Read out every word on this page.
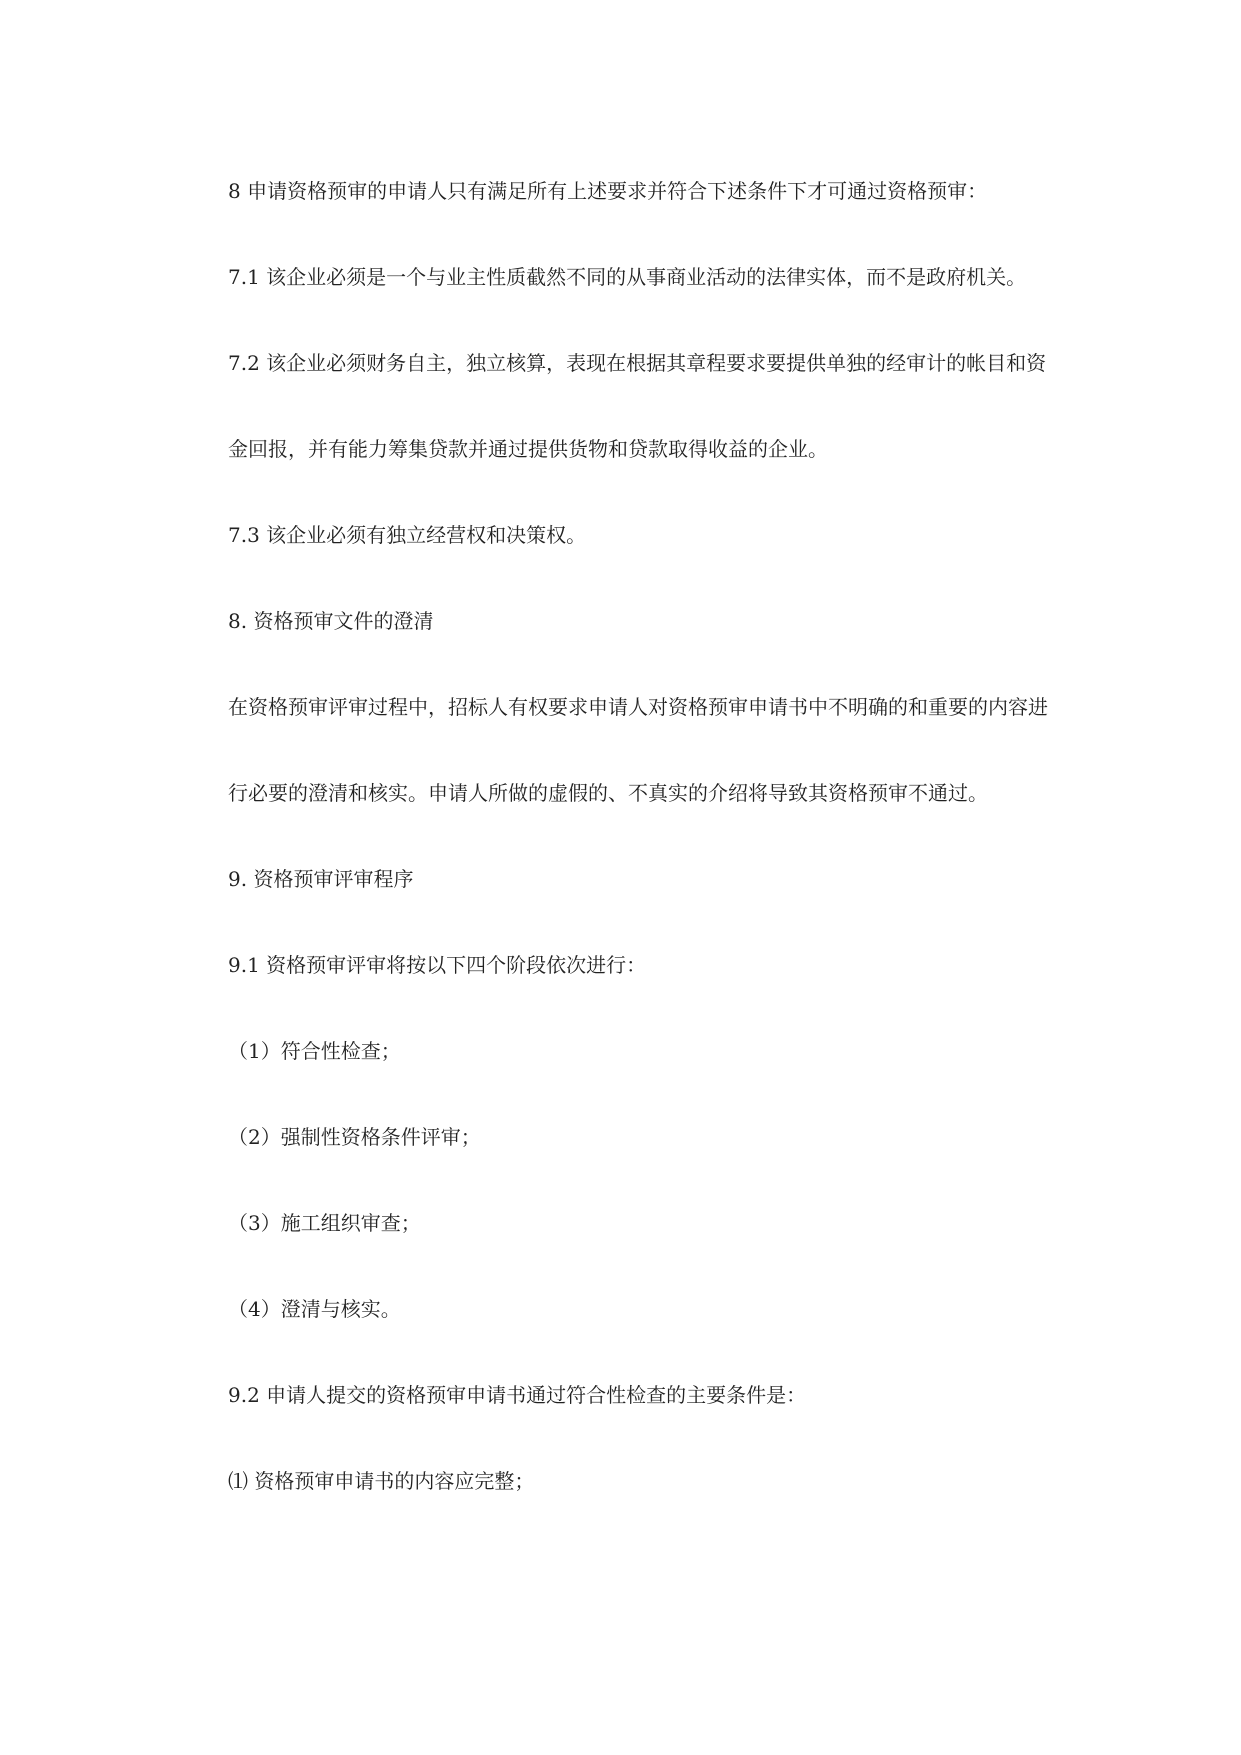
8 申请资格预审的申请人只有满足所有上述要求并符合下述条件下才可通过资格预审：

7.1 该企业必须是一个与业主性质截然不同的从事商业活动的法律实体，而不是政府机关。

7.2 该企业必须财务自主，独立核算，表现在根据其章程要求要提供单独的经审计的帐目和资

金回报，并有能力筹集贷款并通过提供货物和贷款取得收益的企业。

7.3 该企业必须有独立经营权和决策权。

8. 资格预审文件的澄清

在资格预审评审过程中，招标人有权要求申请人对资格预审申请书中不明确的和重要的内容进

行必要的澄清和核实。申请人所做的虚假的、不真实的介绍将导致其资格预审不通过。

9. 资格预审评审程序

9.1 资格预审评审将按以下四个阶段依次进行：

（1）符合性检查；

（2）强制性资格条件评审；

（3）施工组织审查；

（4）澄清与核实。

9.2 申请人提交的资格预审申请书通过符合性检查的主要条件是：

⑴ 资格预审申请书的内容应完整；
